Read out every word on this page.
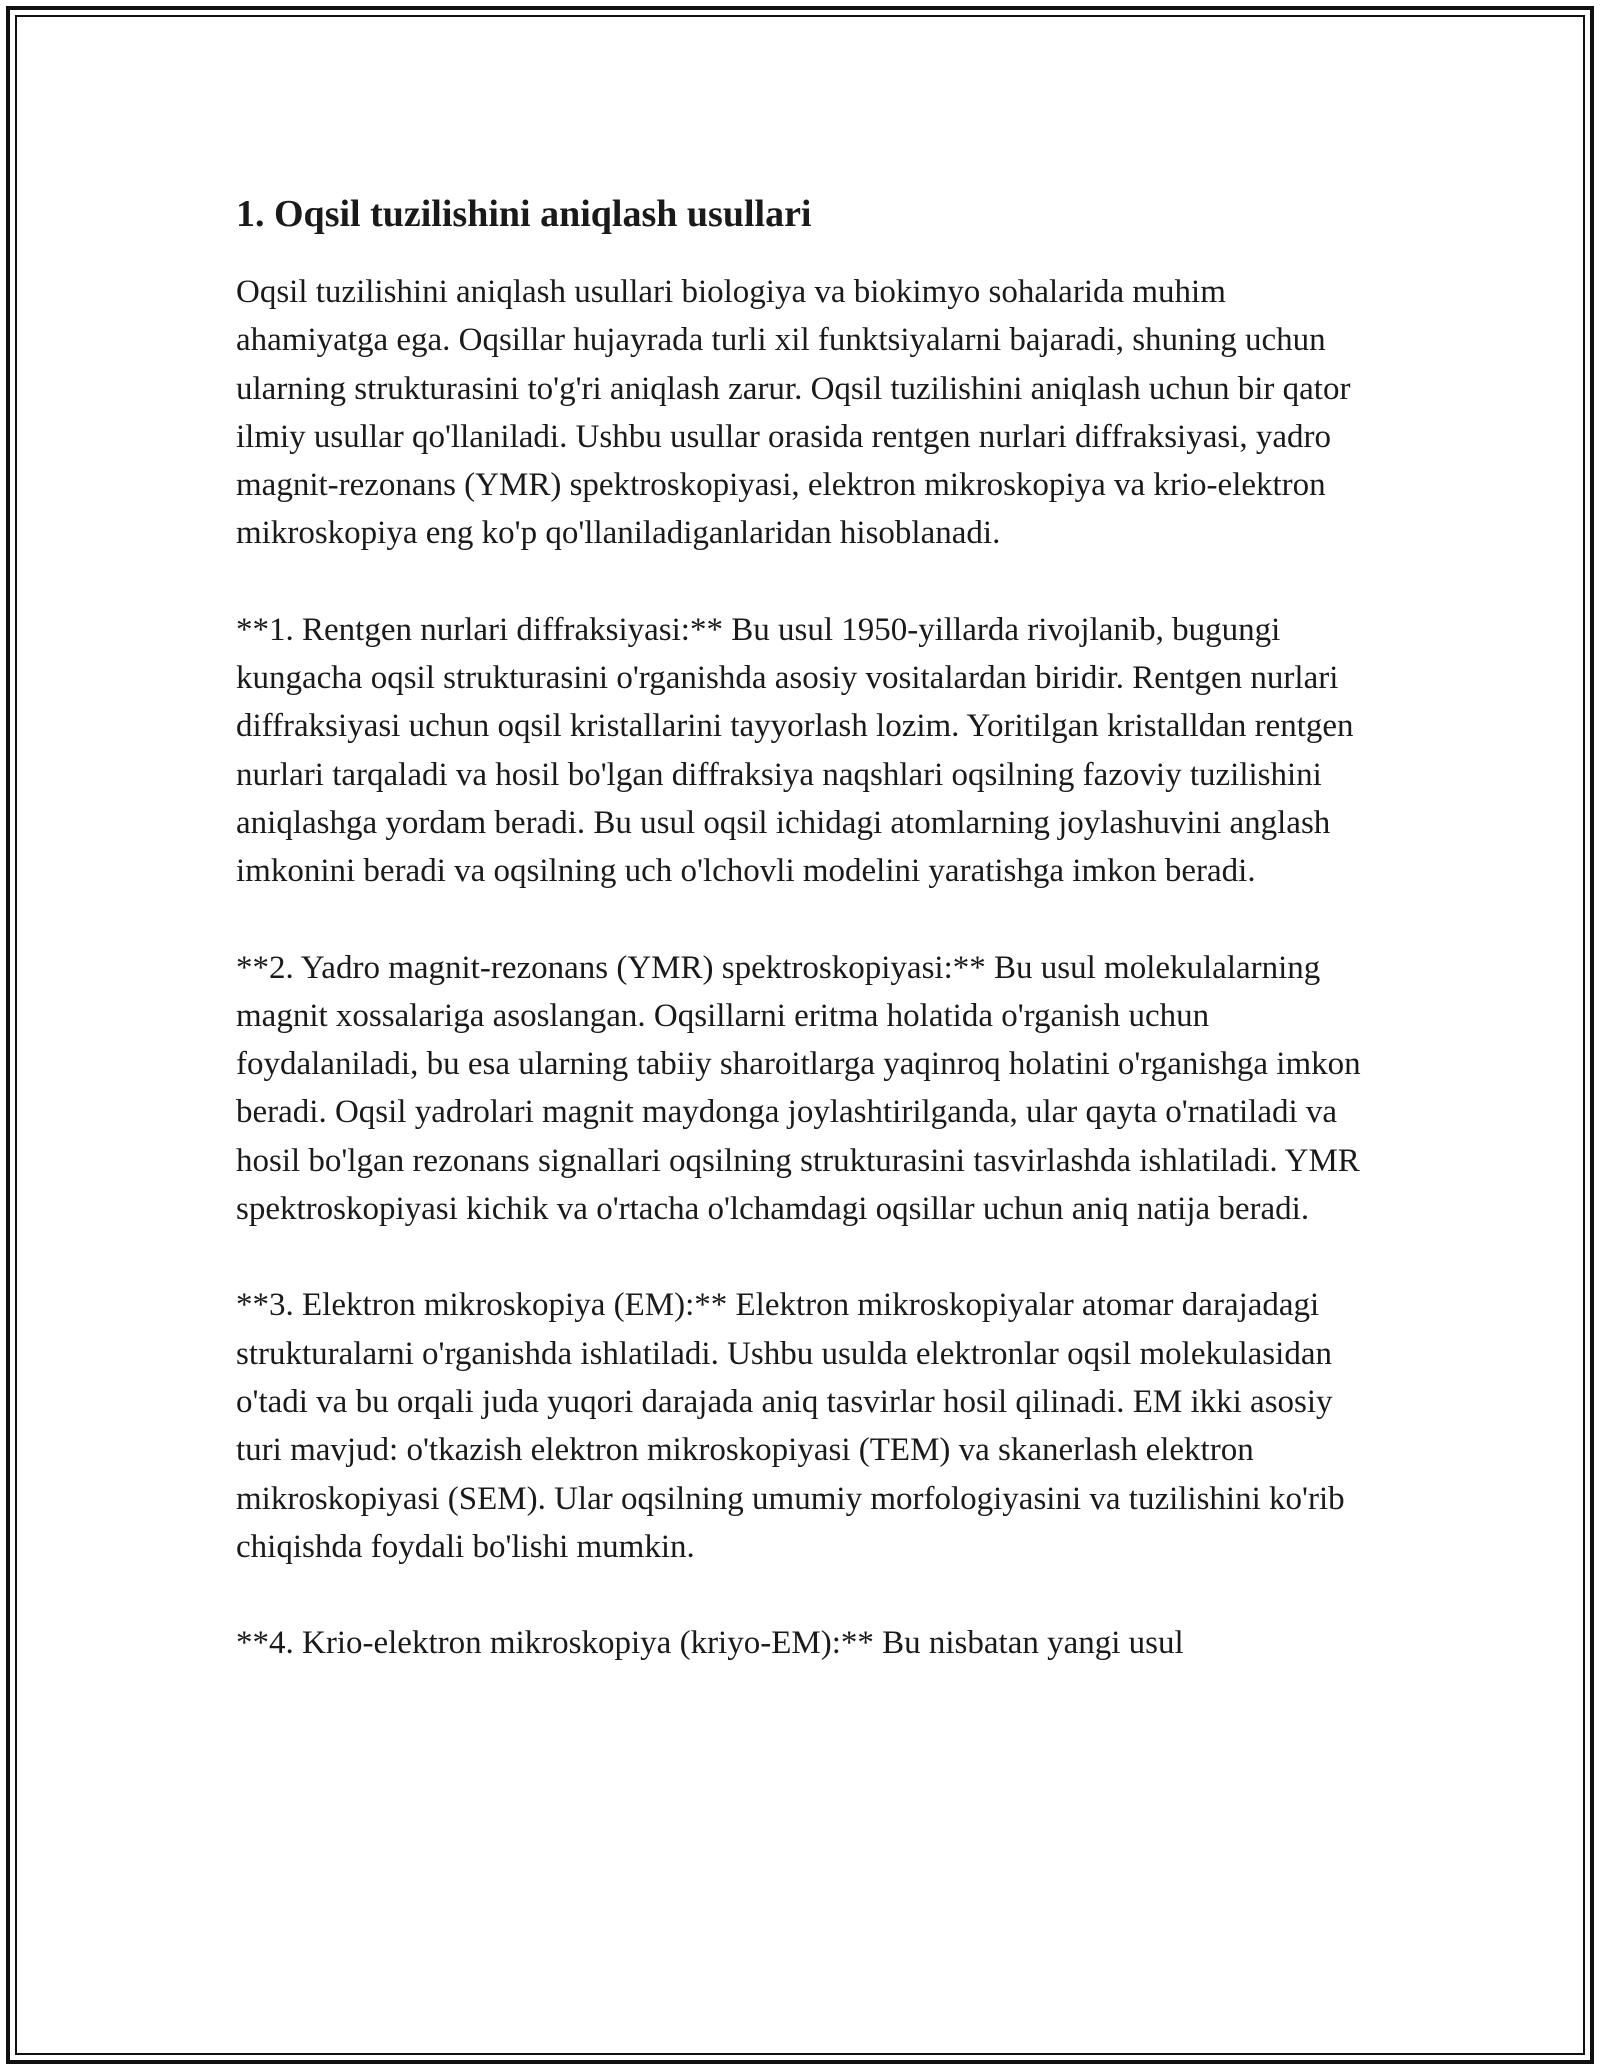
1. Oqsil tuzilishini aniqlash usullari

Oqsil tuzilishini aniqlash usullari biologiya va biokimyo sohalarida muhim ahamiyatga ega. Oqsillar hujayrada turli xil funktsiyalarni bajaradi, shuning uchun ularning strukturasini to'g'ri aniqlash zarur. Oqsil tuzilishini aniqlash uchun bir qator ilmiy usullar qo'llaniladi. Ushbu usullar orasida rentgen nurlari diffraksiyasi, yadro magnit-rezonans (YMR) spektroskopiyasi, elektron mikroskopiya va krio-elektron mikroskopiya eng ko'p qo'llaniladiganlaridan hisoblanadi.

**1. Rentgen nurlari diffraksiyasi:** Bu usul 1950-yillarda rivojlanib, bugungi kungacha oqsil strukturasini o'rganishda asosiy vositalardan biridir. Rentgen nurlari diffraksiyasi uchun oqsil kristallarini tayyorlash lozim. Yoritilgan kristalldan rentgen nurlari tarqaladi va hosil bo'lgan diffraksiya naqshlari oqsilning fazoviy tuzilishini aniqlashga yordam beradi. Bu usul oqsil ichidagi atomlarning joylashuvini anglash imkonini beradi va oqsilning uch o'lchovli modelini yaratishga imkon beradi.

**2. Yadro magnit-rezonans (YMR) spektroskopiyasi:** Bu usul molekulalarning magnit xossalariga asoslangan. Oqsillarni eritma holatida o'rganish uchun foydalaniladi, bu esa ularning tabiiy sharoitlarga yaqinroq holatini o'rganishga imkon beradi. Oqsil yadrolari magnit maydonga joylashtirilganda, ular qayta o'rnatiladi va hosil bo'lgan rezonans signallari oqsilning strukturasini tasvirlashda ishlatiladi. YMR spektroskopiyasi kichik va o'rtacha o'lchamdagi oqsillar uchun aniq natija beradi.

**3. Elektron mikroskopiya (EM):** Elektron mikroskopiyalar atomar darajadagi strukturalarni o'rganishda ishlatiladi. Ushbu usulda elektronlar oqsil molekulasidan o'tadi va bu orqali juda yuqori darajada aniq tasvirlar hosil qilinadi. EM ikki asosiy turi mavjud: o'tkazish elektron mikroskopiyasi (TEM) va skanerlash elektron mikroskopiyasi (SEM). Ular oqsilning umumiy morfologiyasini va tuzilishini ko'rib chiqishda foydali bo'lishi mumkin.

**4. Krio-elektron mikroskopiya (kriyo-EM):** Bu nisbatan yangi usul
